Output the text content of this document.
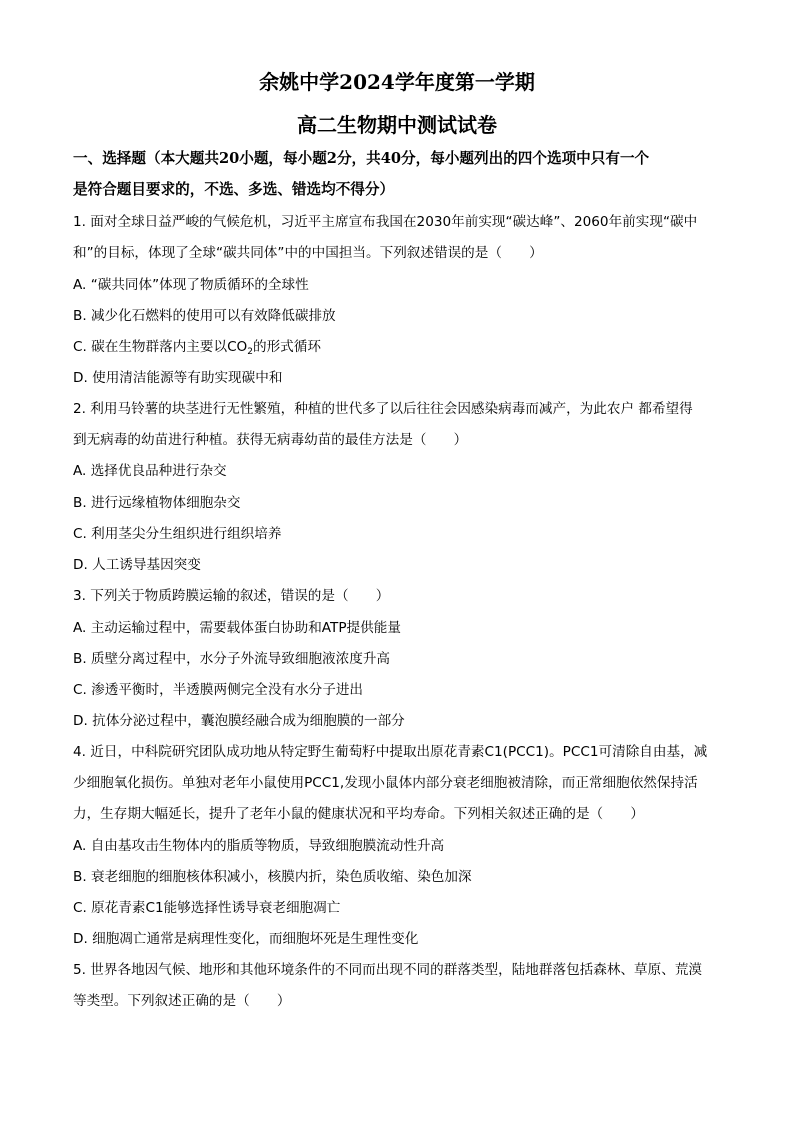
余姚中学2024学年度第一学期
高二生物期中测试试卷
一、选择题（本大题共20小题，每小题2分，共40分，每小题列出的四个选项中只有一个
是符合题目要求的，不选、多选、错选均不得分）
1. 面对全球日益严峻的气候危机，习近平主席宣布我国在2030年前实现“碳达峰”、2060年前实现“碳中
和”的目标，体现了全球“碳共同体”中的中国担当。下列叙述错误的是（　　）
A. “碳共同体”体现了物质循环的全球性
B. 减少化石燃料的使用可以有效降低碳排放
C. 碳在生物群落内主要以$CO_2$的形式循环
D. 使用清洁能源等有助实现碳中和
2. 利用马铃薯的块茎进行无性繁殖，种植的世代多了以后往往会因感染病毒而减产，为此农户 都希望得
到无病毒的幼苗进行种植。获得无病毒幼苗的最佳方法是（　　）
A. 选择优良品种进行杂交
B. 进行远缘植物体细胞杂交
C. 利用茎尖分生组织进行组织培养
D. 人工诱导基因突变
3. 下列关于物质跨膜运输的叙述，错误的是（　　）
A. 主动运输过程中，需要载体蛋白协助和ATP提供能量
B. 质壁分离过程中，水分子外流导致细胞液浓度升高
C. 渗透平衡时，半透膜两侧完全没有水分子进出
D. 抗体分泌过程中，囊泡膜经融合成为细胞膜的一部分
4. 近日，中科院研究团队成功地从特定野生葡萄籽中提取出原花青素C1(PCC1)。PCC1可清除自由基，减
少细胞氧化损伤。单独对老年小鼠使用PCC1,发现小鼠体内部分衰老细胞被清除，而正常细胞依然保持活
力，生存期大幅延长，提升了老年小鼠的健康状况和平均寿命。下列相关叙述正确的是（　　）
A. 自由基攻击生物体内的脂质等物质，导致细胞膜流动性升高
B. 衰老细胞的细胞核体积减小，核膜内折，染色质收缩、染色加深
C. 原花青素C1能够选择性诱导衰老细胞凋亡
D. 细胞凋亡通常是病理性变化，而细胞坏死是生理性变化
5. 世界各地因气候、地形和其他环境条件的不同而出现不同的群落类型，陆地群落包括森林、草原、荒漠
等类型。下列叙述正确的是（　　）
